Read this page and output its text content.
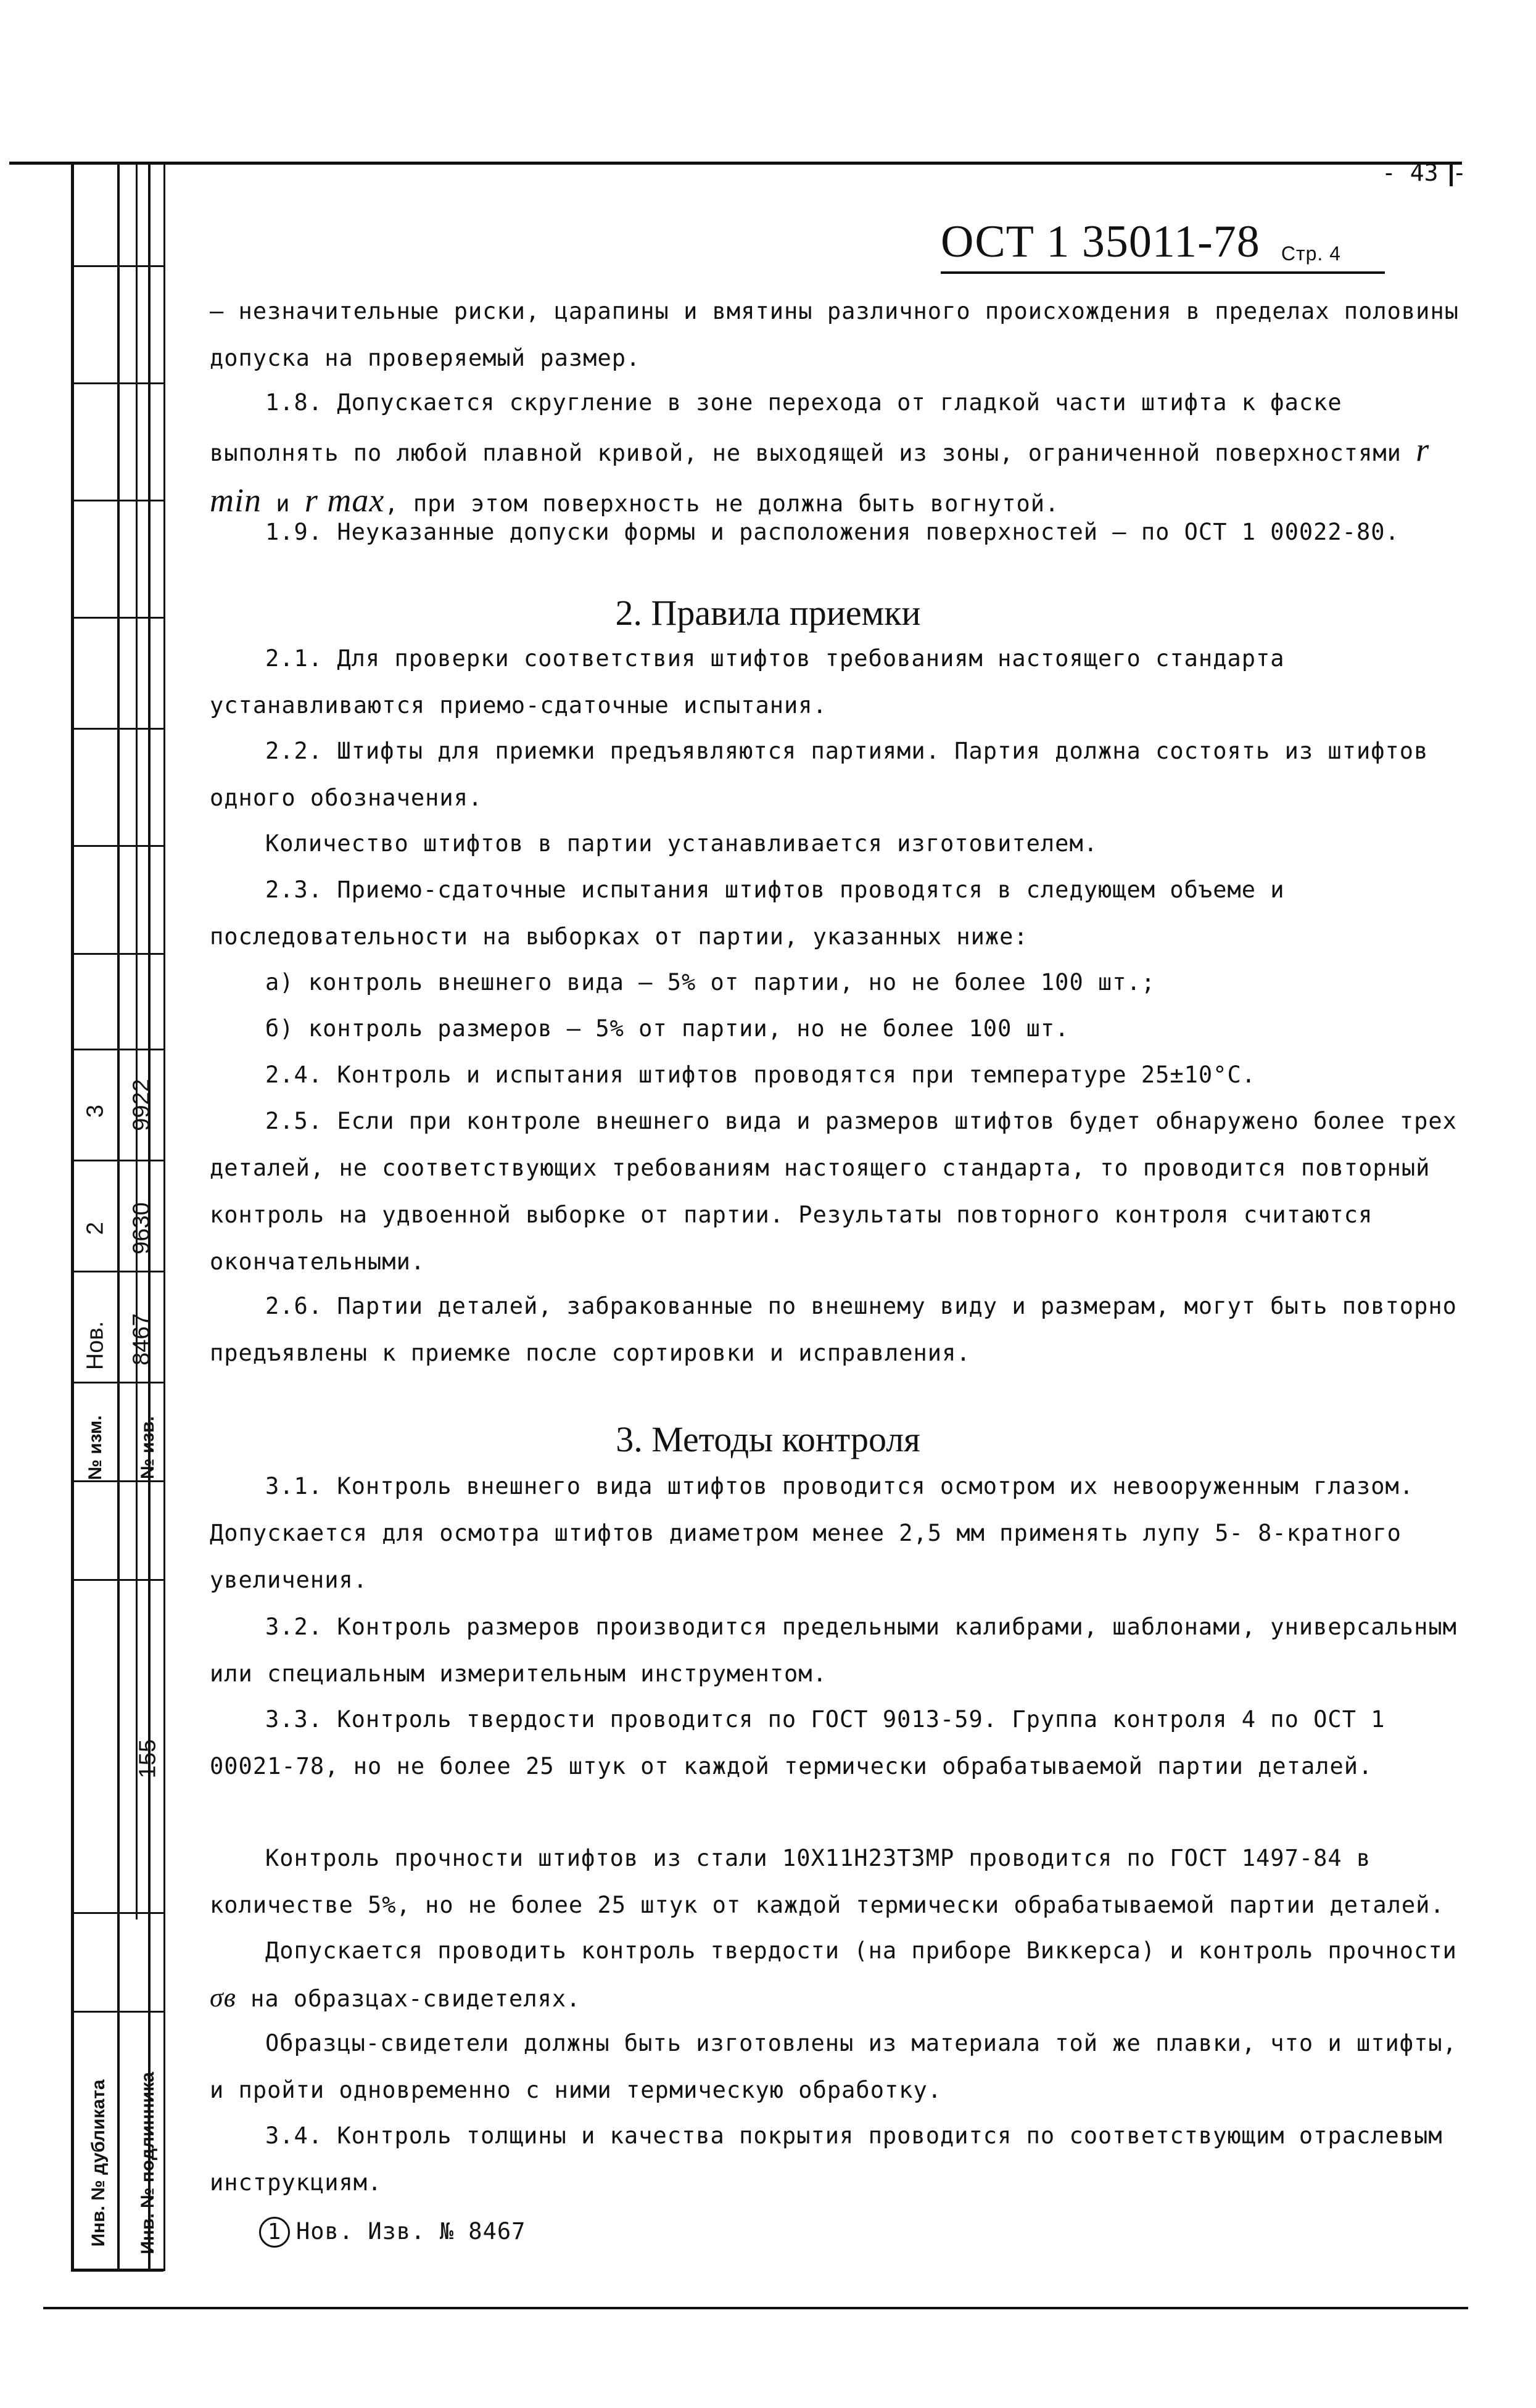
3 9922
2 9630
Нов. 8467
№ изм. № изв.
155
Инв. № дубликата Инв. № подлинника
- 43 -
ОСТ 1 35011-78 Стр. 4
– незначительные риски, царапины и вмятины различного происхождения в пределах половины допуска на проверяемый размер.
1.8. Допускается скругление в зоне перехода от гладкой части штифта к фаске выполнять по любой плавной кривой, не выходящей из зоны, ограниченной поверхностями r min и r max, при этом поверхность не должна быть вогнутой.
1.9. Неуказанные допуски формы и расположения поверхностей – по ОСТ 1 00022-80.
2. Правила приемки
2.1. Для проверки соответствия штифтов требованиям настоящего стандарта устанавливаются приемо-сдаточные испытания.
2.2. Штифты для приемки предъявляются партиями. Партия должна состоять из штифтов одного обозначения.
Количество штифтов в партии устанавливается изготовителем.
2.3. Приемо-сдаточные испытания штифтов проводятся в следующем объеме и последовательности на выборках от партии, указанных ниже:
а) контроль внешнего вида – 5% от партии, но не более 100 шт.;
б) контроль размеров – 5% от партии, но не более 100 шт.
2.4. Контроль и испытания штифтов проводятся при температуре 25±10°С.
2.5. Если при контроле внешнего вида и размеров штифтов будет обнаружено более трех деталей, не соответствующих требованиям настоящего стандарта, то проводится повторный контроль на удвоенной выборке от партии. Результаты повторного контроля считаются окончательными.
2.6. Партии деталей, забракованные по внешнему виду и размерам, могут быть повторно предъявлены к приемке после сортировки и исправления.
3. Методы контроля
3.1. Контроль внешнего вида штифтов проводится осмотром их невооруженным глазом. Допускается для осмотра штифтов диаметром менее 2,5 мм применять лупу 5- 8-кратного увеличения.
3.2. Контроль размеров производится предельными калибрами, шаблонами, универсальным или специальным измерительным инструментом.
3.3. Контроль твердости проводится по ГОСТ 9013-59. Группа контроля 4 по ОСТ 1 00021-78, но не более 25 штук от каждой термически обрабатываемой партии деталей.
Контроль прочности штифтов из стали 10Х11Н23Т3МР проводится по ГОСТ 1497-84 в количестве 5%, но не более 25 штук от каждой термически обрабатываемой партии деталей.
Допускается проводить контроль твердости (на приборе Виккерса) и контроль прочности σв на образцах-свидетелях.
Образцы-свидетели должны быть изготовлены из материала той же плавки, что и штифты, и пройти одновременно с ними термическую обработку.
3.4. Контроль толщины и качества покрытия проводится по соответствующим отраслевым инструкциям.
1 Нов. Изв. № 8467
